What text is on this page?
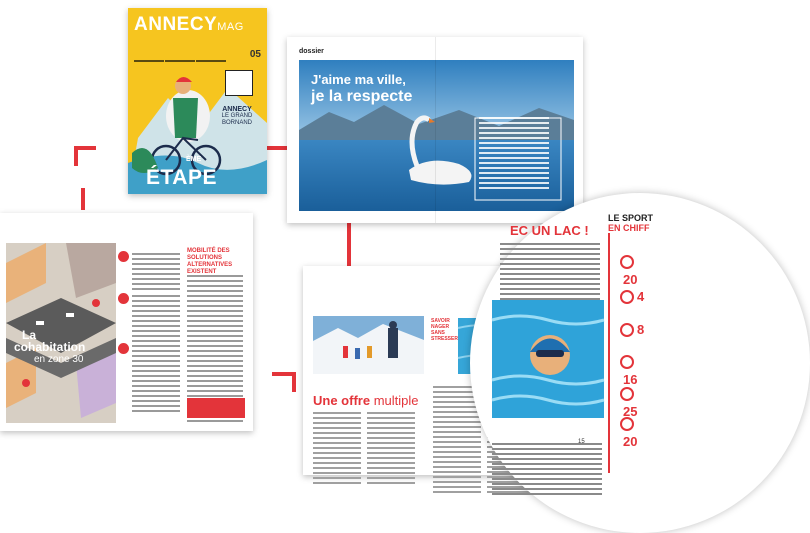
ANNECYMAG
05
ANNECY
LE GRAND
BORNAND
ÈME
ÉTAPE
dossier
J'aime ma ville,
je la respecte
La
cohabitation
en zone 30
MOBILITÉ DES SOLUTIONS ALTERNATIVES EXISTENT
SAVOIR NAGER SANS STRESSER
Une offre multiple
EC UN LAC !
15
LE SPORT
EN CHIFF
20
4
8
16
25
20
